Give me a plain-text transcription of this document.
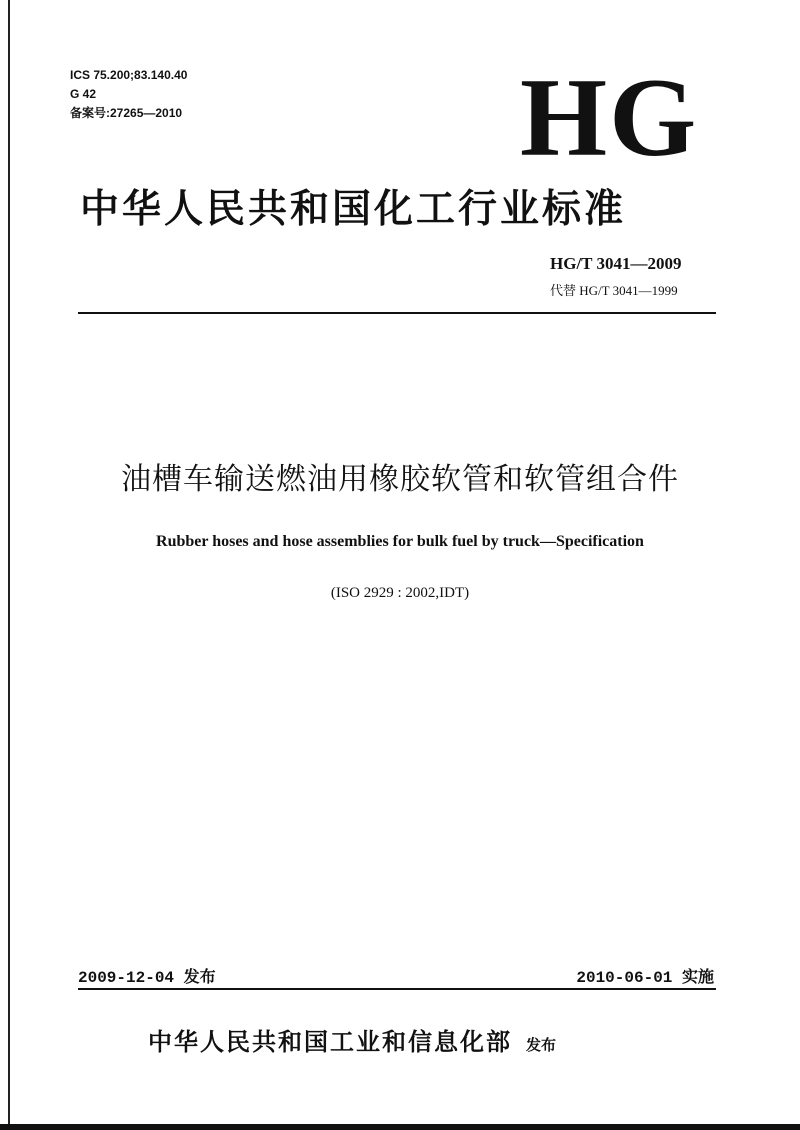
ICS 75.200;83.140.40
G 42
备案号:27265—2010	HG
中华人民共和国化工行业标准
HG/T 3041—2009
代替 HG/T 3041—1999
油槽车输送燃油用橡胶软管和软管组合件
Rubber hoses and hose assemblies for bulk fuel by truck—Specification
(ISO 2929 : 2002,IDT)
2009-12-04 发布	2010-06-01 实施
中华人民共和国工业和信息化部 发布
